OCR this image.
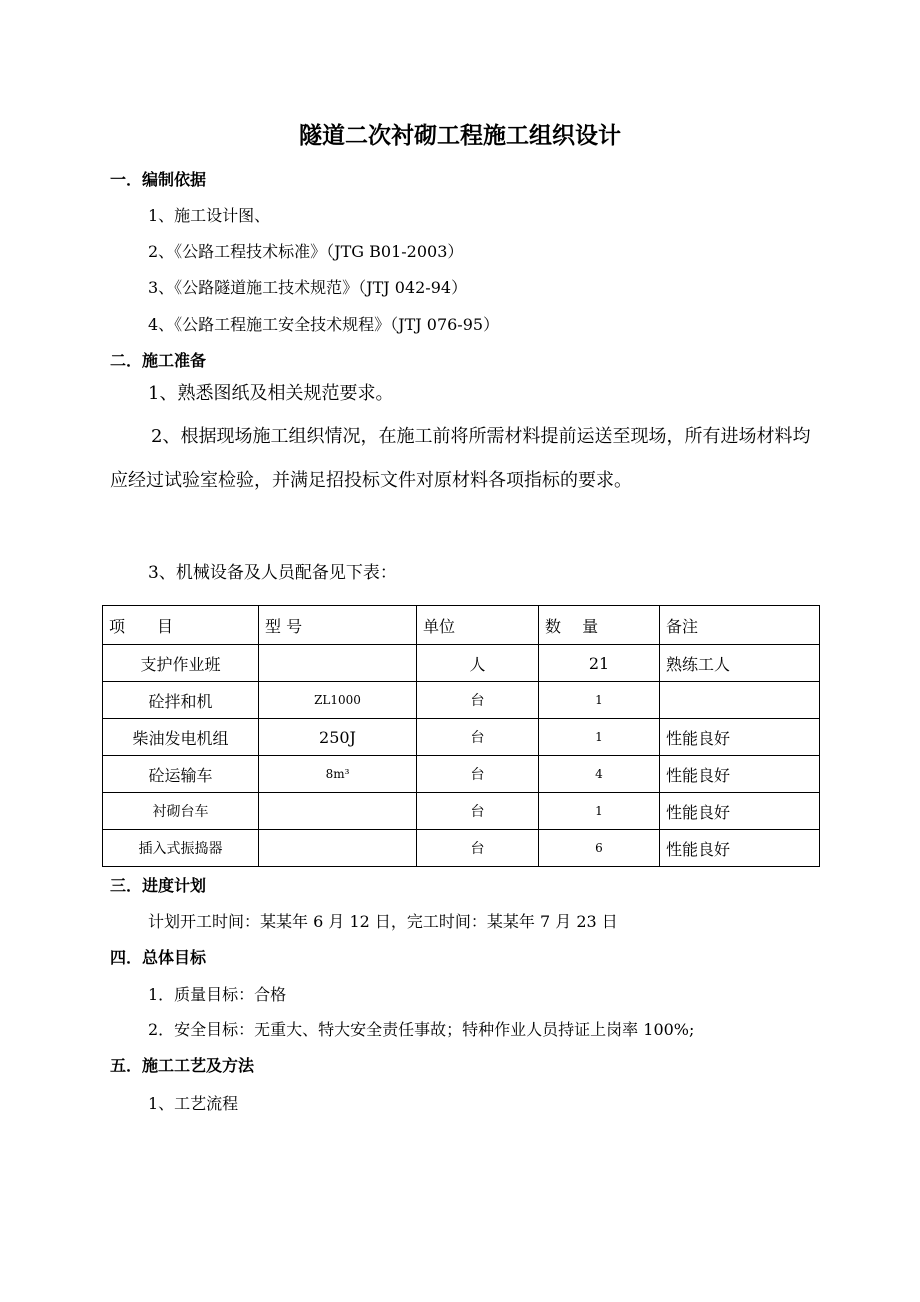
隧道二次衬砌工程施工组织设计
一．编制依据
1、施工设计图、
2、《公路工程技术标准》（JTG B01-2003）
3、《公路隧道施工技术规范》（JTJ 042-94）
4、《公路工程施工安全技术规程》（JTJ 076-95）
二．施工准备
1、熟悉图纸及相关规范要求。
2、根据现场施工组织情况，在施工前将所需材料提前运送至现场，所有进场材料均应经过试验室检验，并满足招投标文件对原材料各项指标的要求。
3、机械设备及人员配备见下表：
项　　目	型 号	单位	数　 量	备注
支护作业班		人	21	熟练工人
砼拌和机	ZL1000	台	1	
柴油发电机组	250J	台	1	性能良好
砼运输车	8m³	台	4	性能良好
衬砌台车		台	1	性能良好
插入式振捣器		台	6	性能良好
三．进度计划
计划开工时间：某某年 6 月 12 日，完工时间：某某年 7 月 23 日
四．总体目标
1．质量目标：合格
2．安全目标：无重大、特大安全责任事故；特种作业人员持证上岗率 100%;
五．施工工艺及方法
1、工艺流程
